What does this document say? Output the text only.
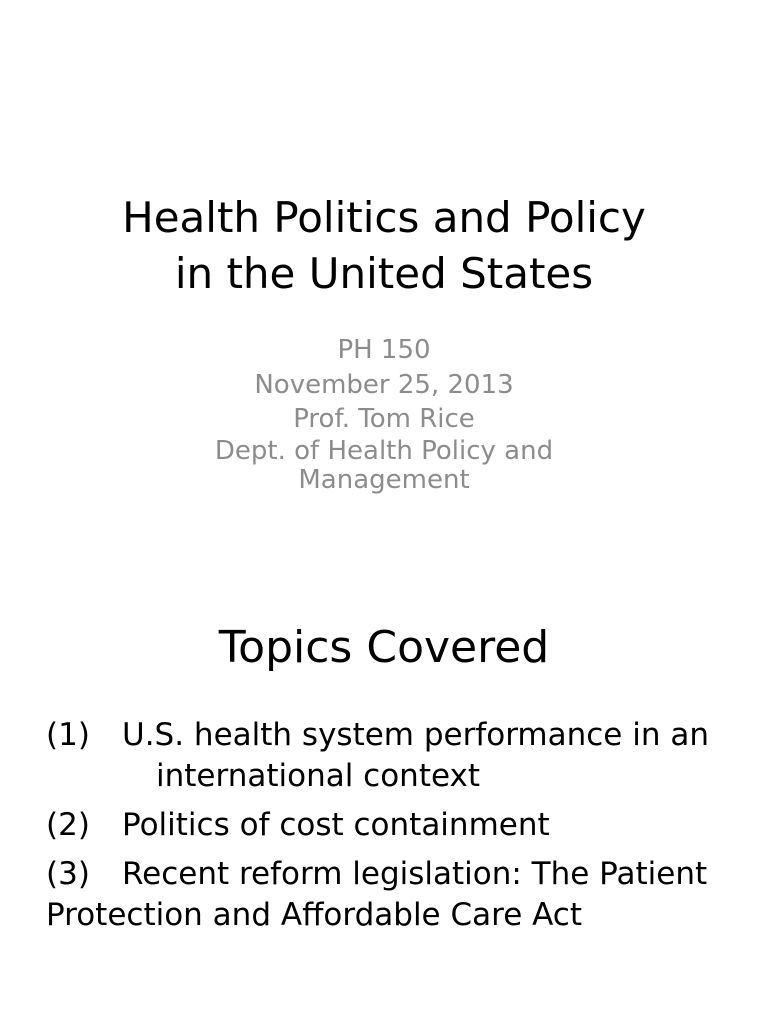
Health Politics and Policy
in the United States
PH 150
November 25, 2013
Prof. Tom Rice
Dept. of Health Policy and Management
Topics Covered
(1) U.S. health system performance in aninternational context
(2) Politics of cost containment
(3) Recent reform legislation: The PatientProtection and Affordable Care Act
